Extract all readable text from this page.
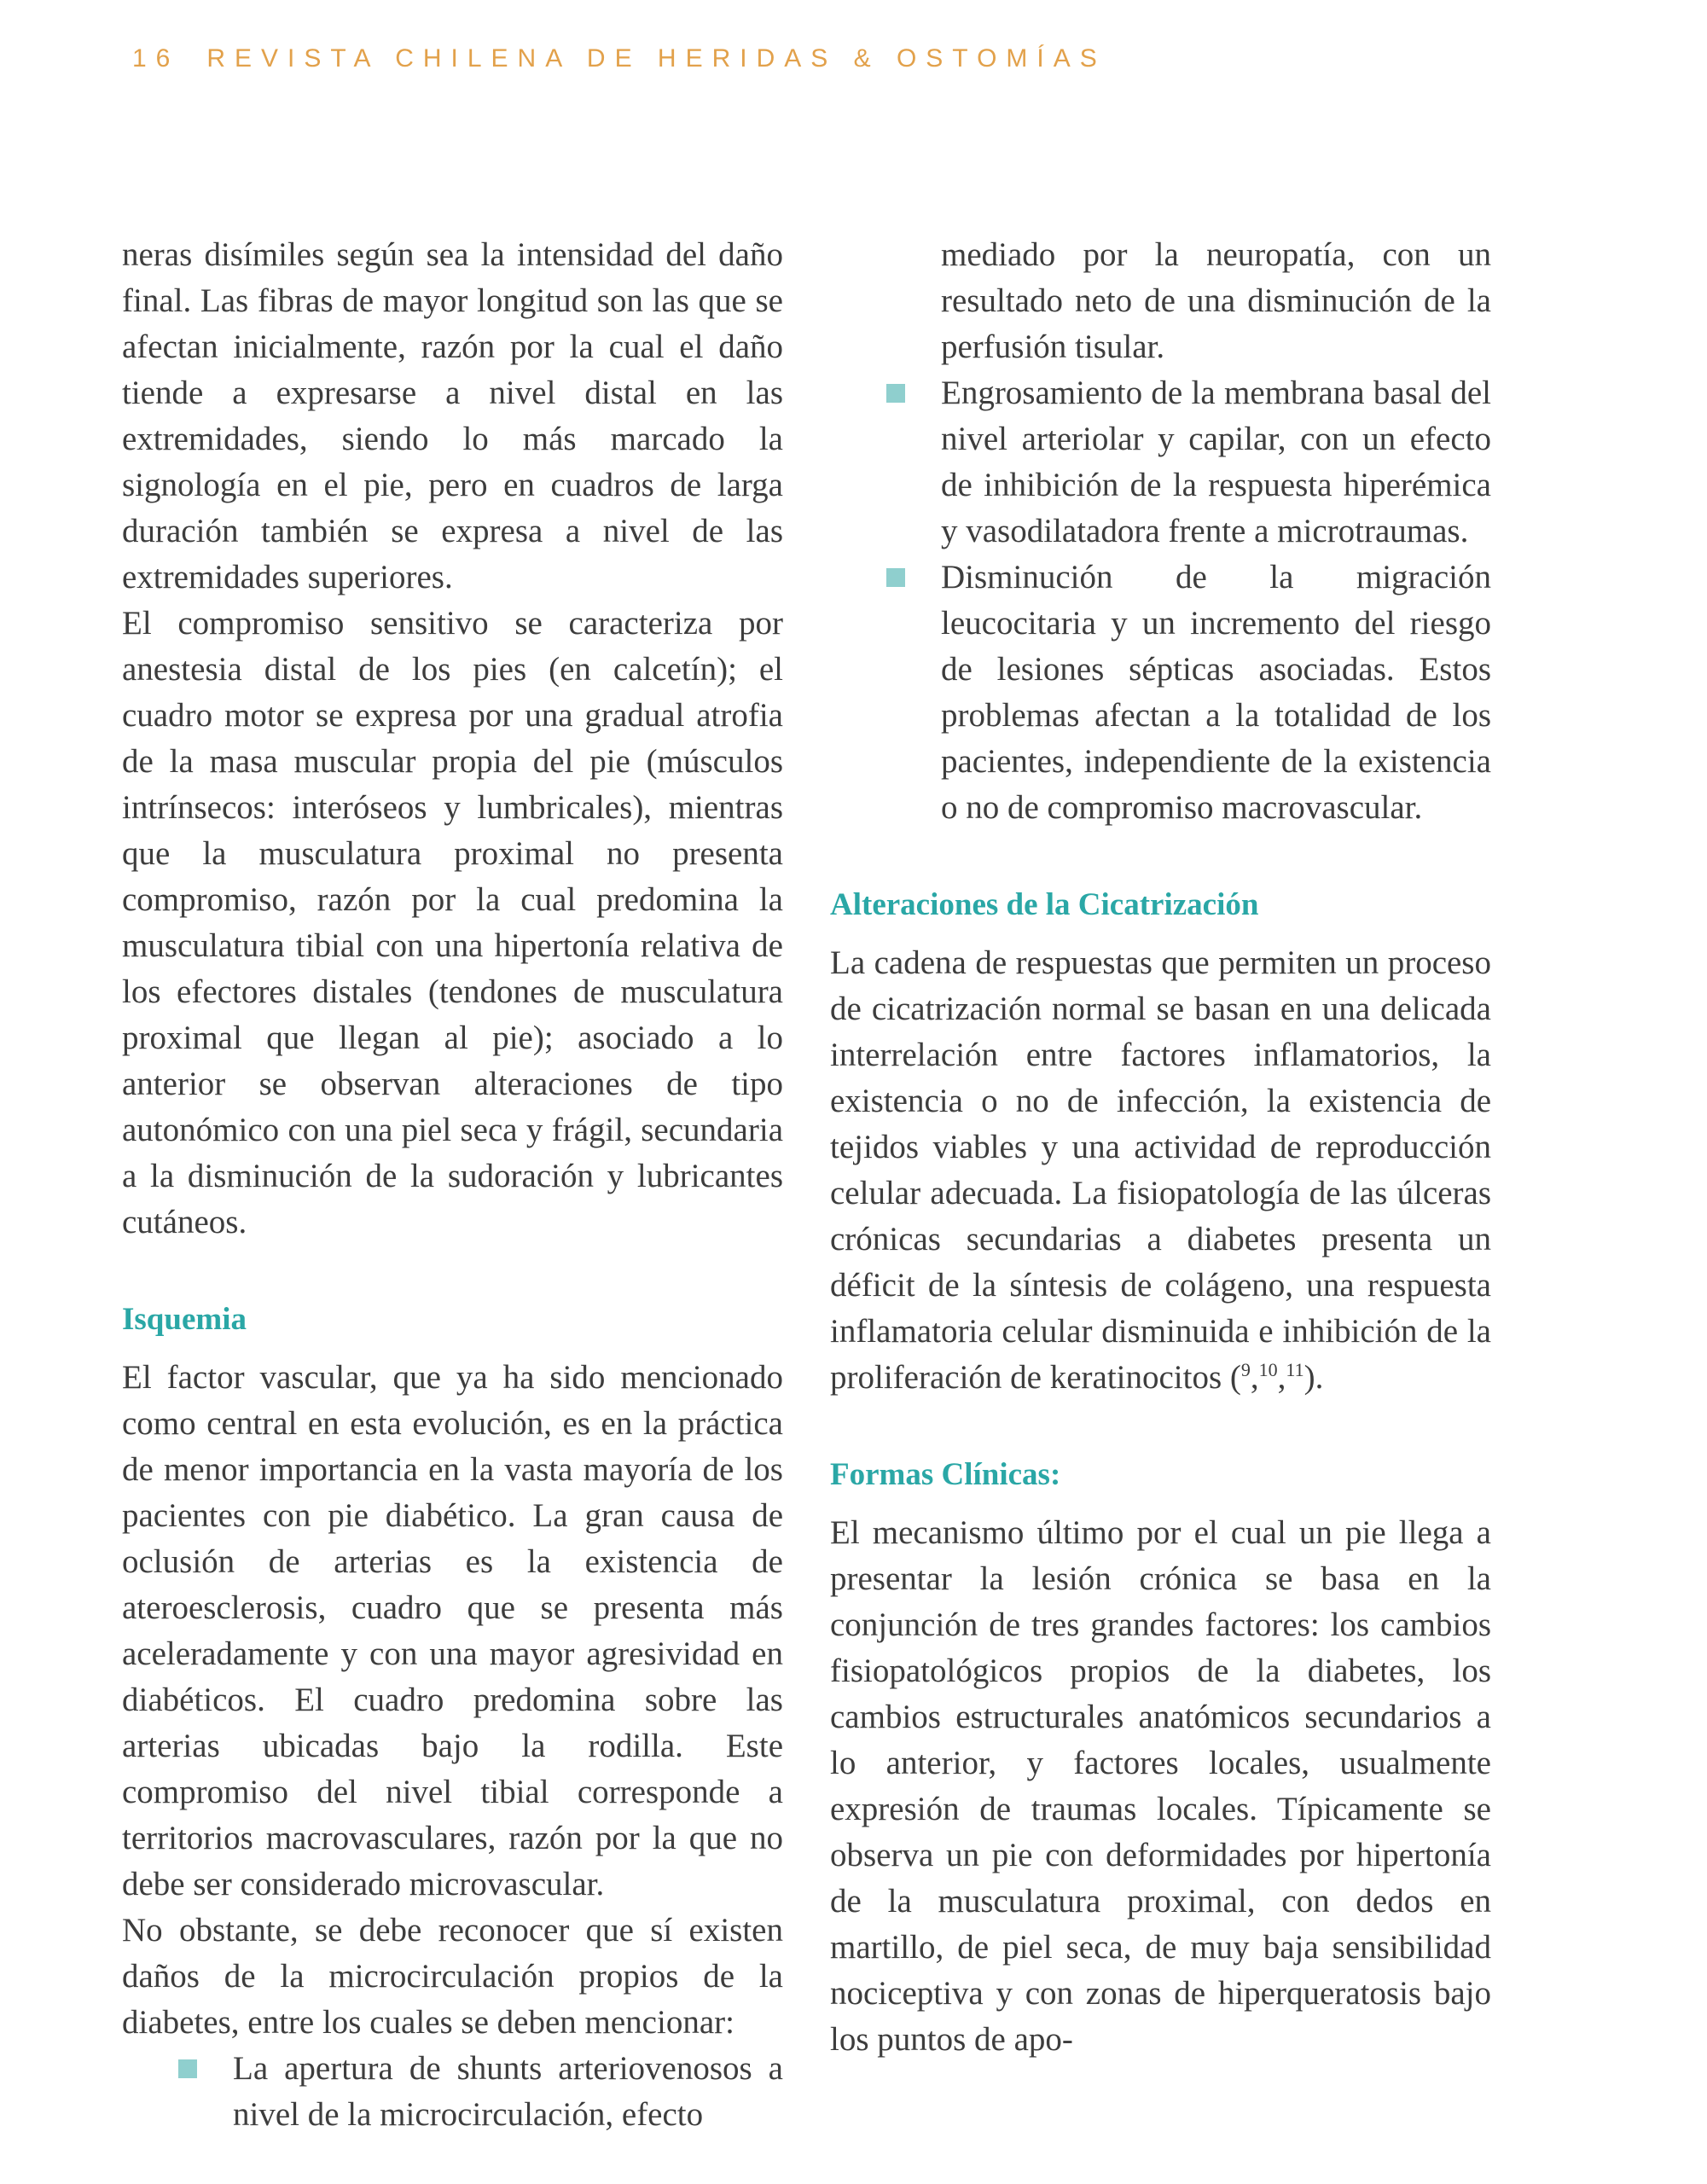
16 REVISTA CHILENA DE HERIDAS & OSTOMÍAS

neras disímiles según sea la intensidad del daño final. Las fibras de mayor longitud son las que se afectan inicialmente, razón por la cual el daño tiende a expresarse a nivel distal en las extremidades, siendo lo más marcado la signología en el pie, pero en cuadros de larga duración también se expresa a nivel de las extremidades superiores.

El compromiso sensitivo se caracteriza por anestesia distal de los pies (en calcetín); el cuadro motor se expresa por una gradual atrofia de la masa muscular propia del pie (músculos intrínsecos: interóseos y lumbricales), mientras que la musculatura proximal no presenta compromiso, razón por la cual predomina la musculatura tibial con una hipertonía relativa de los efectores distales (tendones de musculatura proximal que llegan al pie); asociado a lo anterior se observan alteraciones de tipo autonómico con una piel seca y frágil, secundaria a la disminución de la sudoración y lubricantes cutáneos.

Isquemia

El factor vascular, que ya ha sido mencionado como central en esta evolución, es en la práctica de menor importancia en la vasta mayoría de los pacientes con pie diabético. La gran causa de oclusión de arterias es la existencia de ateroesclerosis, cuadro que se presenta más aceleradamente y con una mayor agresividad en diabéticos. El cuadro predomina sobre las arterias ubicadas bajo la rodilla. Este compromiso del nivel tibial corresponde a territorios macrovasculares, razón por la que no debe ser considerado microvascular.

No obstante, se debe reconocer que sí existen daños de la microcirculación propios de la diabetes, entre los cuales se deben mencionar:

La apertura de shunts arteriovenosos a nivel de la microcirculación, efecto

mediado por la neuropatía, con un resultado neto de una disminución de la perfusión tisular.

Engrosamiento de la membrana basal del nivel arteriolar y capilar, con un efecto de inhibición de la respuesta hiperémica y vasodilatadora frente a microtraumas.
Disminución de la migración leucocitaria y un incremento del riesgo de lesiones sépticas asociadas. Estos problemas afectan a la totalidad de los pacientes, independiente de la existencia o no de compromiso macrovascular.
Alteraciones de la Cicatrización

La cadena de respuestas que permiten un proceso de cicatrización normal se basan en una delicada interrelación entre factores inflamatorios, la existencia o no de infección, la existencia de tejidos viables y una actividad de reproducción celular adecuada. La fisiopatología de las úlceras crónicas secundarias a diabetes presenta un déficit de la síntesis de colágeno, una respuesta inflamatoria celular disminuida e inhibición de la proliferación de keratinocitos ($^9$,$^{10}$,$^{11}$).

Formas Clínicas:

El mecanismo último por el cual un pie llega a presentar la lesión crónica se basa en la conjunción de tres grandes factores: los cambios fisiopatológicos propios de la diabetes, los cambios estructurales anatómicos secundarios a lo anterior, y factores locales, usualmente expresión de traumas locales. Típicamente se observa un pie con deformidades por hipertonía de la musculatura proximal, con dedos en martillo, de piel seca, de muy baja sensibilidad nociceptiva y con zonas de hiperqueratosis bajo los puntos de apo-
